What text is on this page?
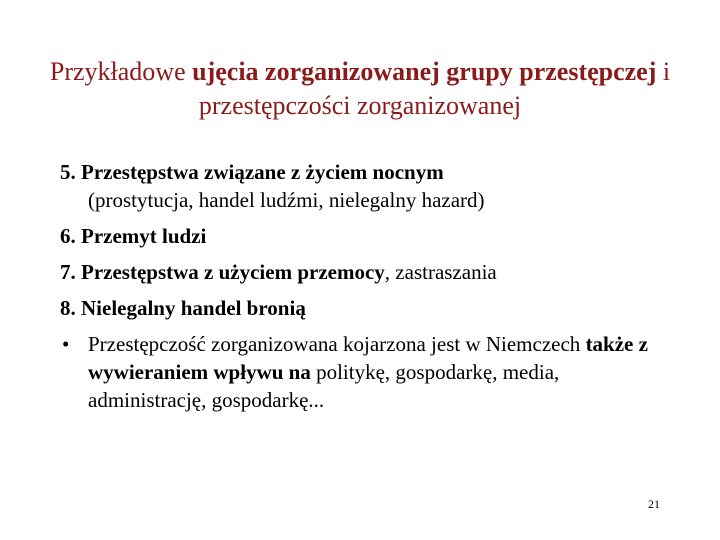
Przykładowe ujęcia zorganizowanej grupy przestępczej i przestępczości zorganizowanej
5. Przestępstwa związane z życiem nocnym
(prostytucja, handel ludźmi, nielegalny hazard)
6. Przemyt ludzi
7. Przestępstwa z użyciem przemocy, zastraszania
8. Nielegalny handel bronią
• Przestępczość zorganizowana kojarzona jest w Niemczech także z wywieraniem wpływu na politykę, gospodarkę, media, administrację, gospodarkę...
21
